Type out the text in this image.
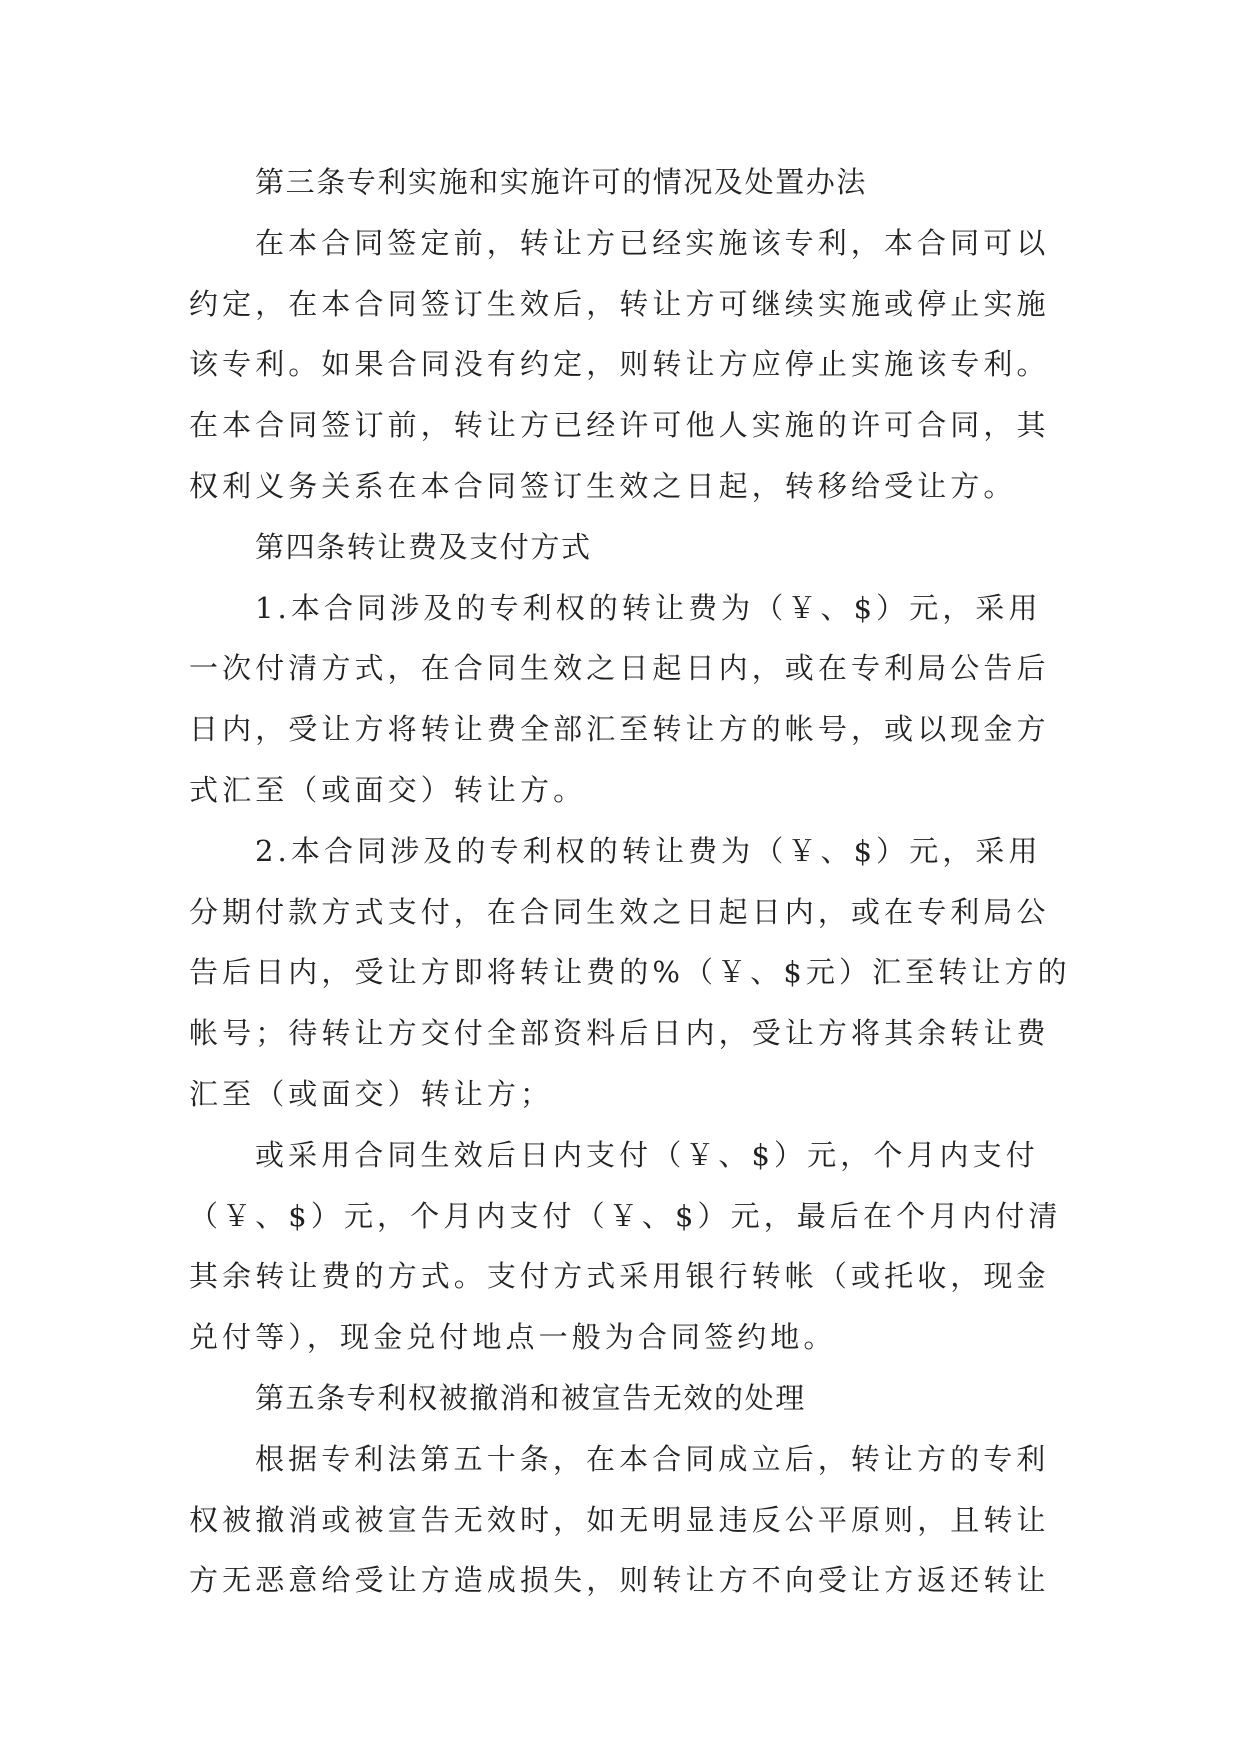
第三条专利实施和实施许可的情况及处置办法
在本合同签定前，转让方已经实施该专利，本合同可以
约定，在本合同签订生效后，转让方可继续实施或停止实施
该专利。如果合同没有约定，则转让方应停止实施该专利。
在本合同签订前，转让方已经许可他人实施的许可合同，其
权利义务关系在本合同签订生效之日起，转移给受让方。
第四条转让费及支付方式
1.本合同涉及的专利权的转让费为（￥、$）元，采用
一次付清方式，在合同生效之日起日内，或在专利局公告后
日内，受让方将转让费全部汇至转让方的帐号，或以现金方
式汇至（或面交）转让方。
2.本合同涉及的专利权的转让费为（￥、$）元，采用
分期付款方式支付，在合同生效之日起日内，或在专利局公
告后日内，受让方即将转让费的%（￥、$元）汇至转让方的
帐号；待转让方交付全部资料后日内，受让方将其余转让费
汇至（或面交）转让方；
或采用合同生效后日内支付（￥、$）元，个月内支付
（￥、$）元，个月内支付（￥、$）元，最后在个月内付清
其余转让费的方式。支付方式采用银行转帐（或托收，现金
兑付等），现金兑付地点一般为合同签约地。
第五条专利权被撤消和被宣告无效的处理
根据专利法第五十条，在本合同成立后，转让方的专利
权被撤消或被宣告无效时，如无明显违反公平原则，且转让
方无恶意给受让方造成损失，则转让方不向受让方返还转让
